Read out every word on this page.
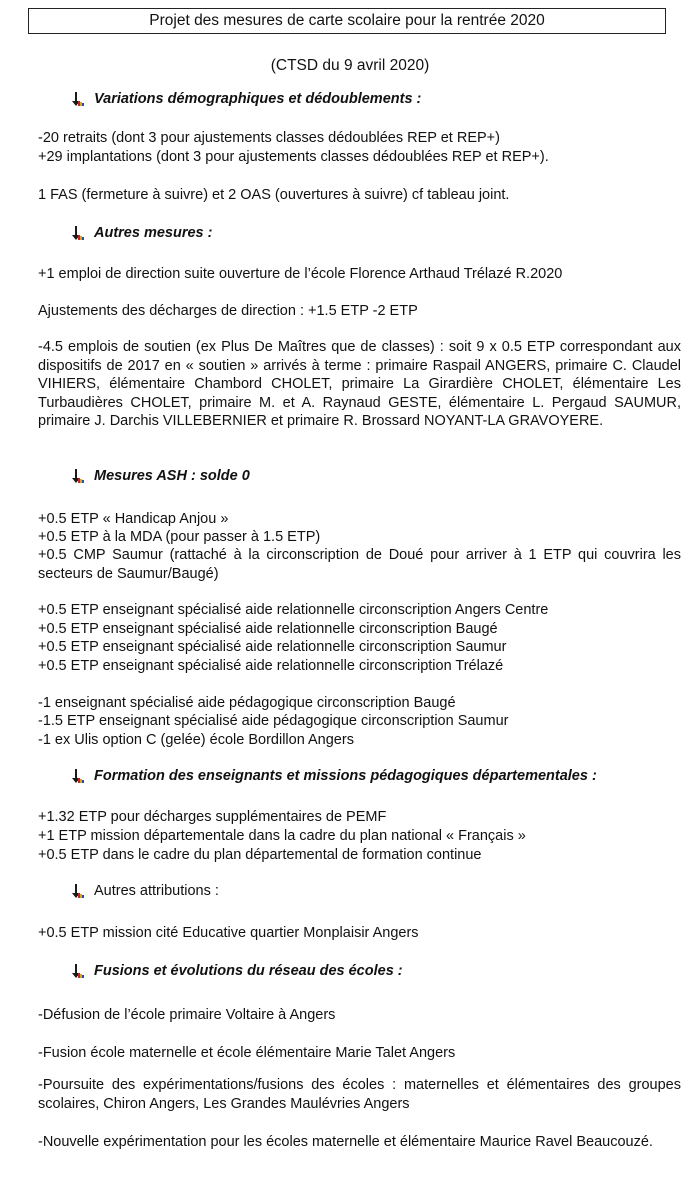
Projet des mesures de carte scolaire pour la rentrée 2020
(CTSD du 9 avril 2020)
Variations démographiques et dédoublements :
-20 retraits (dont 3 pour ajustements classes dédoublées REP et REP+)
+29 implantations (dont 3 pour ajustements classes dédoublées REP et REP+).
1 FAS (fermeture à suivre) et 2 OAS (ouvertures à suivre) cf tableau joint.
Autres mesures :
+1 emploi de direction suite ouverture de l’école Florence Arthaud Trélazé R.2020
Ajustements des décharges de direction : +1.5 ETP -2 ETP
-4.5 emplois de soutien (ex Plus De Maîtres que de classes) : soit 9 x 0.5 ETP correspondant aux dispositifs de 2017 en « soutien » arrivés à terme : primaire Raspail ANGERS, primaire C. Claudel VIHIERS, élémentaire Chambord CHOLET, primaire La Girardière CHOLET, élémentaire Les Turbaudières CHOLET, primaire M. et A. Raynaud GESTE, élémentaire L. Pergaud SAUMUR, primaire J. Darchis VILLEBERNIER et primaire R. Brossard NOYANT-LA GRAVOYERE.
Mesures ASH : solde 0
+0.5 ETP « Handicap Anjou »
+0.5 ETP à la MDA (pour passer à 1.5 ETP)
+0.5 CMP Saumur (rattaché à la circonscription de Doué pour arriver à 1 ETP qui couvrira les secteurs de Saumur/Baugé)
+0.5 ETP enseignant spécialisé aide relationnelle circonscription Angers Centre
+0.5 ETP enseignant spécialisé aide relationnelle circonscription Baugé
+0.5 ETP enseignant spécialisé aide relationnelle circonscription Saumur
+0.5 ETP enseignant spécialisé aide relationnelle circonscription Trélazé
-1 enseignant spécialisé aide pédagogique circonscription Baugé
-1.5 ETP enseignant spécialisé aide pédagogique circonscription Saumur
-1 ex Ulis option C (gelée) école Bordillon Angers
Formation des enseignants et missions pédagogiques départementales :
+1.32 ETP pour décharges supplémentaires de PEMF
+1 ETP mission départementale dans la cadre du plan national « Français »
+0.5 ETP dans le cadre du plan départemental de formation continue
Autres attributions :
+0.5 ETP mission cité Educative quartier Monplaisir Angers
Fusions et évolutions du réseau des écoles :
-Défusion de l’école primaire Voltaire à Angers
-Fusion école maternelle et école élémentaire Marie Talet Angers
-Poursuite des expérimentations/fusions des écoles : maternelles et élémentaires des groupes scolaires, Chiron Angers, Les Grandes Maulévries Angers
-Nouvelle expérimentation pour les écoles maternelle et élémentaire Maurice Ravel Beaucouzé.
